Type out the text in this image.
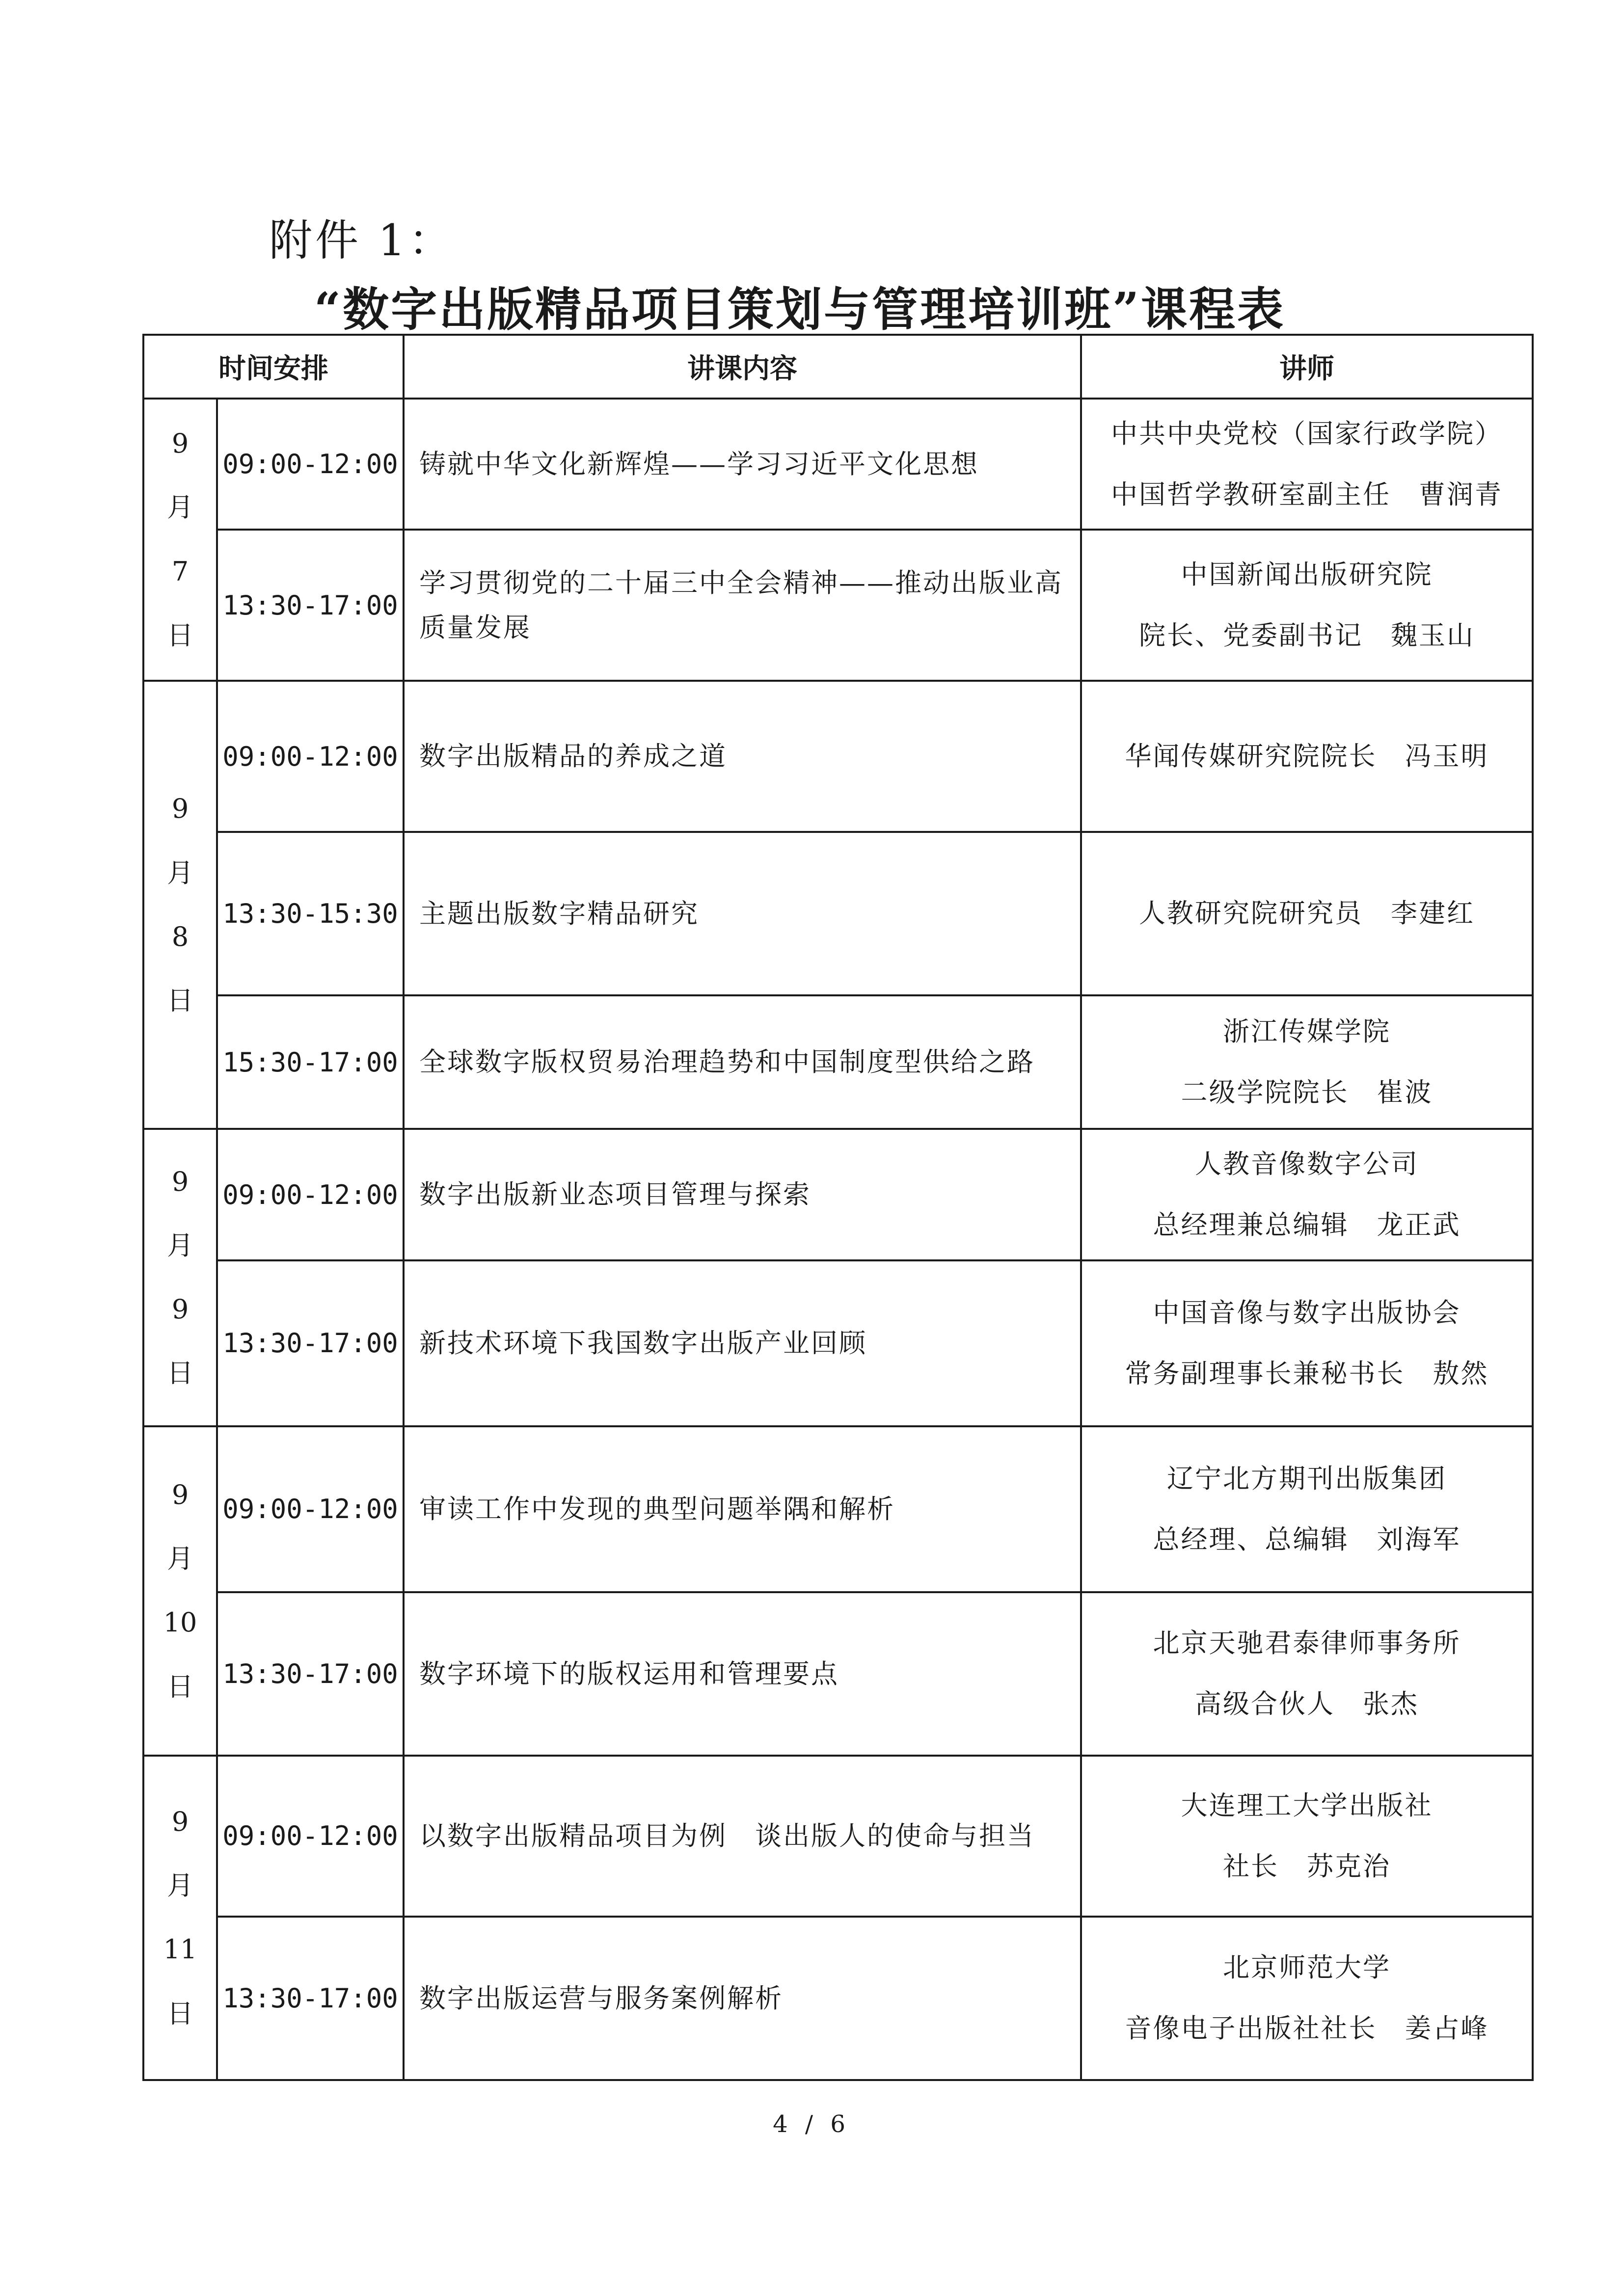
附件 1：
“数字出版精品项目策划与管理培训班”课程表
时间安排		讲课内容	讲师

9
月
7
日	09:00-12:00	铸就中华文化新辉煌——学习习近平文化思想	中共中央党校（国家行政学院）
中国哲学教研室副主任　曹润青

	13:30-17:00	学习贯彻党的二十届三中全会精神——推动出版业高质量发展	中国新闻出版研究院
院长、党委副书记　魏玉山

9
月
8
日	09:00-12:00	数字出版精品的养成之道	华闻传媒研究院院长　冯玉明

	13:30-15:30	主题出版数字精品研究	人教研究院研究员　李建红

	15:30-17:00	全球数字版权贸易治理趋势和中国制度型供给之路	浙江传媒学院
二级学院院长　崔波

9
月
9
日	09:00-12:00	数字出版新业态项目管理与探索	人教音像数字公司
总经理兼总编辑　龙正武

	13:30-17:00	新技术环境下我国数字出版产业回顾	中国音像与数字出版协会
常务副理事长兼秘书长　敖然

9
月
10
日	09:00-12:00	审读工作中发现的典型问题举隅和解析	辽宁北方期刊出版集团
总经理、总编辑　刘海军

	13:30-17:00	数字环境下的版权运用和管理要点	北京天驰君泰律师事务所
高级合伙人　张杰

9
月
11
日	09:00-12:00	以数字出版精品项目为例　谈出版人的使命与担当	大连理工大学出版社
社长　苏克治

	13:30-17:00	数字出版运营与服务案例解析	北京师范大学
音像电子出版社社长　姜占峰
4 / 6
